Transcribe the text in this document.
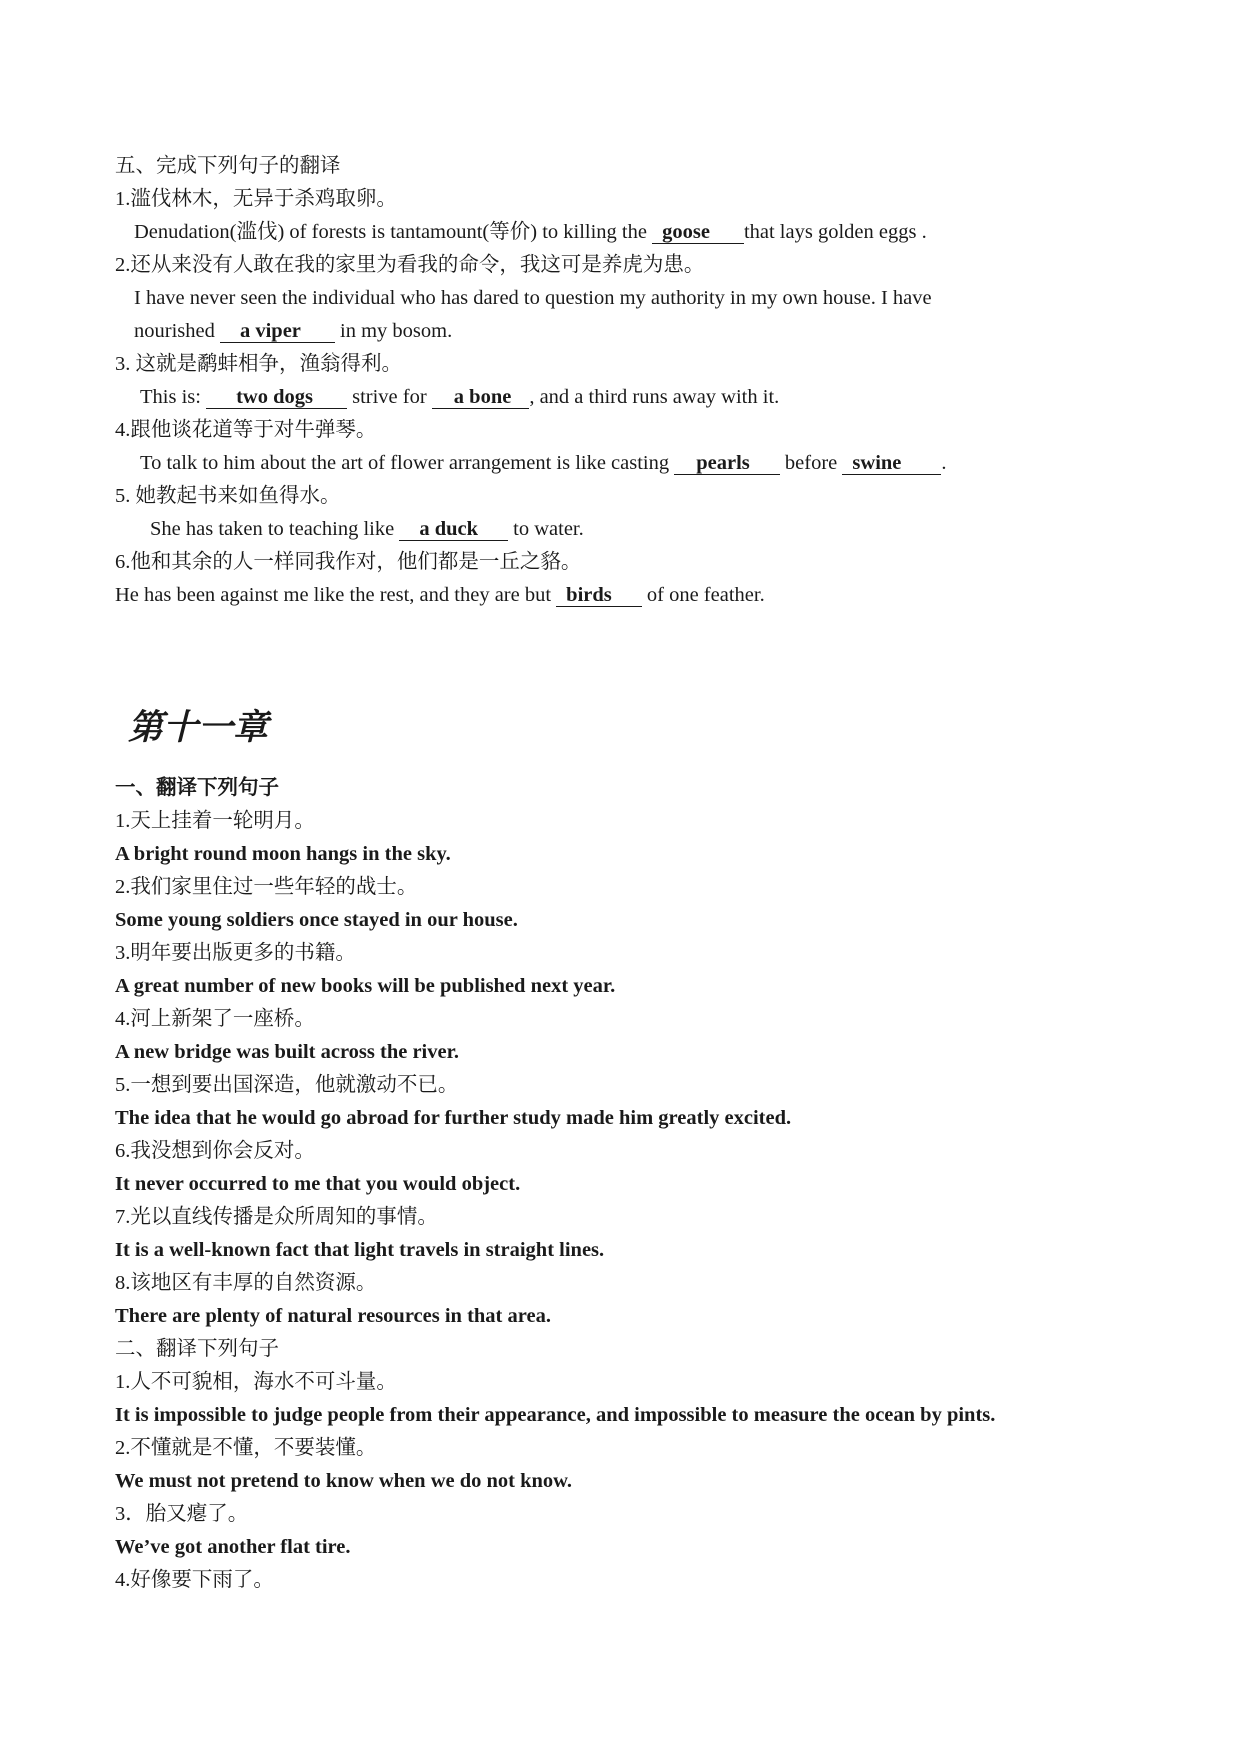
五、完成下列句子的翻译
1.滥伐林木，无异于杀鸡取卵。
Denudation(滥伐) of forests is tantamount(等价) to killing the goose that lays golden eggs .
2.还从来没有人敢在我的家里为看我的命令，我这可是养虎为患。
I have never seen the individual who has dared to question my authority in my own house. I have
nourished a viper in my bosom.
3. 这就是鹬蚌相争，渔翁得利。
This is: two dogs strive for a bone , and a third runs away with it.
4.跟他谈花道等于对牛弹琴。
To talk to him about the art of flower arrangement is like casting pearls before swine .
5. 她教起书来如鱼得水。
She has taken to teaching like a duck to water.
6.他和其余的人一样同我作对，他们都是一丘之貉。
He has been against me like the rest, and they are but birds of one feather.
第十一章
一、翻译下列句子
1.天上挂着一轮明月。
A bright round moon hangs in the sky.
2.我们家里住过一些年轻的战士。
Some young soldiers once stayed in our house.
3.明年要出版更多的书籍。
A great number of new books will be published next year.
4.河上新架了一座桥。
A new bridge was built across the river.
5.一想到要出国深造，他就激动不已。
The idea that he would go abroad for further study made him greatly excited.
6.我没想到你会反对。
It never occurred to me that you would object.
7.光以直线传播是众所周知的事情。
It is a well-known fact that light travels in straight lines.
8.该地区有丰厚的自然资源。
There are plenty of natural resources in that area.
二、翻译下列句子
1.人不可貌相，海水不可斗量。
It is impossible to judge people from their appearance, and impossible to measure the ocean by pints.
2.不懂就是不懂，不要装懂。
We must not pretend to know when we do not know.
3．胎又瘪了。
We’ve got another flat tire.
4.好像要下雨了。
